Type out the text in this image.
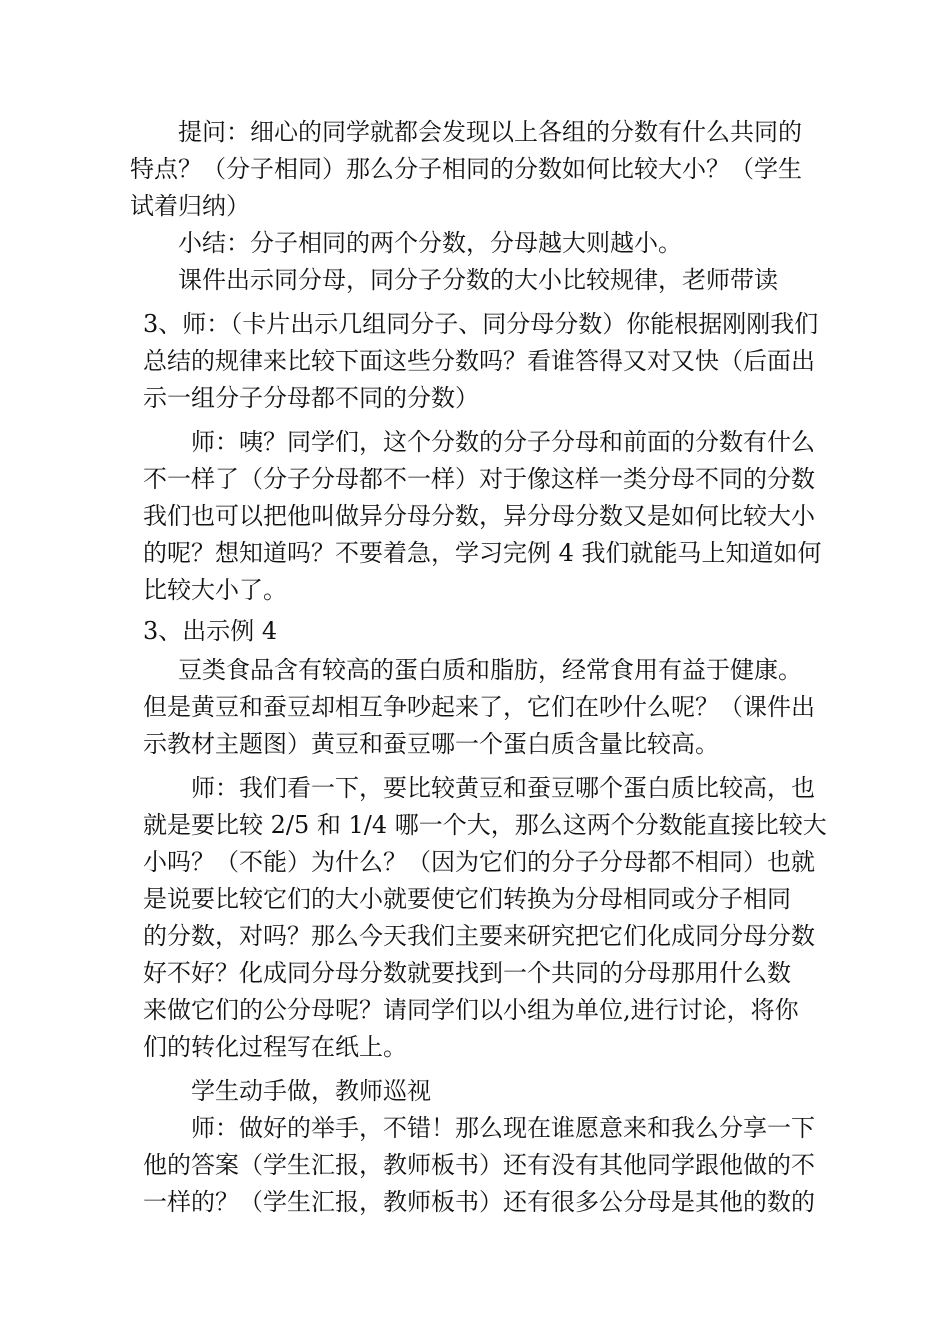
提问：细心的同学就都会发现以上各组的分数有什么共同的
特点？（分子相同）那么分子相同的分数如何比较大小？（学生
试着归纳）
小结：分子相同的两个分数，分母越大则越小。
课件出示同分母，同分子分数的大小比较规律，老师带读
3、师：（卡片出示几组同分子、同分母分数）你能根据刚刚我们
总结的规律来比较下面这些分数吗？看谁答得又对又快（后面出
示一组分子分母都不同的分数）
师：咦？同学们，这个分数的分子分母和前面的分数有什么
不一样了（分子分母都不一样）对于像这样一类分母不同的分数
我们也可以把他叫做异分母分数，异分母分数又是如何比较大小
的呢？想知道吗？不要着急，学习完例 4 我们就能马上知道如何
比较大小了。
3、出示例 4
豆类食品含有较高的蛋白质和脂肪，经常食用有益于健康。
但是黄豆和蚕豆却相互争吵起来了，它们在吵什么呢？（课件出
示教材主题图）黄豆和蚕豆哪一个蛋白质含量比较高。
师：我们看一下，要比较黄豆和蚕豆哪个蛋白质比较高，也
就是要比较 2/5 和 1/4 哪一个大，那么这两个分数能直接比较大
小吗？（不能）为什么？（因为它们的分子分母都不相同）也就
是说要比较它们的大小就要使它们转换为分母相同或分子相同
的分数，对吗？那么今天我们主要来研究把它们化成同分母分数
好不好？化成同分母分数就要找到一个共同的分母那用什么数
来做它们的公分母呢？请同学们以小组为单位,进行讨论，将你
们的转化过程写在纸上。
学生动手做，教师巡视
师：做好的举手，不错！那么现在谁愿意来和我么分享一下
他的答案（学生汇报，教师板书）还有没有其他同学跟他做的不
一样的？（学生汇报，教师板书）还有很多公分母是其他的数的
